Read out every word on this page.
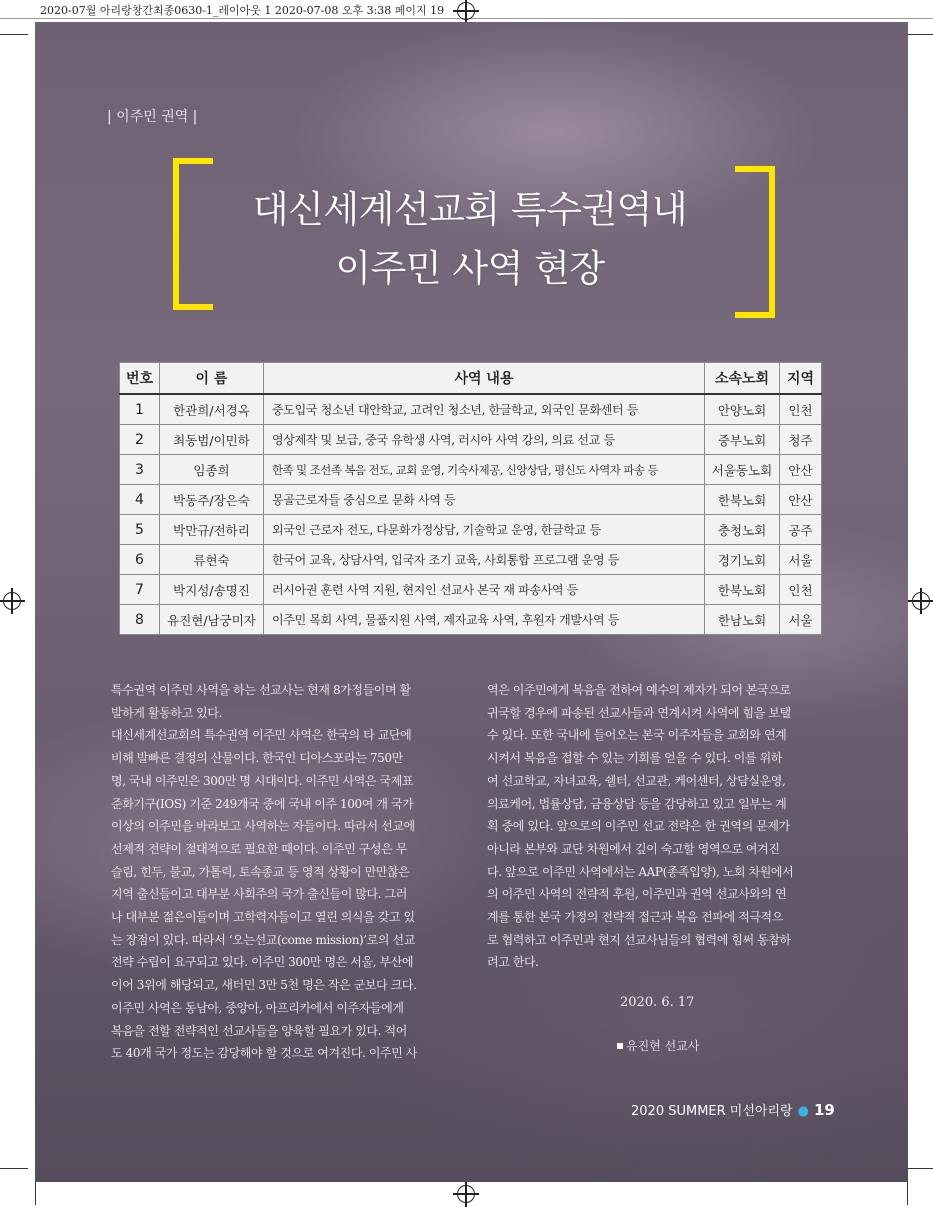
2020-07월 아리랑창간최종0630-1_레이아웃 1 2020-07-08 오후 3:38 페이지 19
| 이주민 권역 |
대신세계선교회 특수권역내
이주민 사역 현장
번호	이 름	사역 내용	소속노회	지역
1	한관희/서경옥	중도입국 청소년 대안학교, 고려인 청소년, 한글학교, 외국인 문화센터 등	안양노회	인천
2	최동범/이민하	영상제작 및 보급, 중국 유학생 사역, 러시아 사역 강의, 의료 선교 등	중부노회	청주
3	임종희	한족 및 조선족 복음 전도, 교회 운영, 기숙사제공, 신앙상담, 평신도 사역자 파송 등	서울동노회	안산
4	박동주/장은숙	몽골근로자들 중심으로 문화 사역 등	한북노회	안산
5	박만규/전하리	외국인 근로자 전도, 다문화가정상담, 기술학교 운영, 한글학교 등	충청노회	공주
6	류현숙	한국어 교육, 상담사역, 입국자 조기 교육, 사회통합 프로그램 운영 등	경기노회	서울
7	박지성/송명진	러시아권 훈련 사역 지원, 현지인 선교사 본국 재 파송사역 등	한북노회	인천
8	유진현/남궁미자	이주민 목회 사역, 물품지원 사역, 제자교육 사역, 후원자 개발사역 등	한남노회	서울

특수권역 이주민 사역을 하는 선교사는 현재 8가정들이며 활

발하게 활동하고 있다.

대신세계선교회의 특수권역 이주민 사역은 한국의 타 교단에

비해 발빠른 결정의 산물이다. 한국인 디아스포라는 750만

명, 국내 이주민은 300만 명 시대이다. 이주민 사역은 국제표

준화기구(IOS) 기준 249개국 중에 국내 이주 100여 개 국가

이상의 이주민을 바라보고 사역하는 자들이다. 따라서 선교에

선제적 전략이 절대적으로 필요한 때이다. 이주민 구성은 무

슬림, 힌두, 불교, 가톨릭, 토속종교 등 영적 상황이 만만찮은

지역 출신들이고 대부분 사회주의 국가 출신들이 많다. 그러

나 대부분 젊은이들이며 고학력자들이고 열린 의식을 갖고 있

는 장점이 있다. 따라서 ‘오는선교(come mission)’로의 선교

전략 수립이 요구되고 있다. 이주민 300만 명은 서울, 부산에

이어 3위에 해당되고, 새터민 3만 5천 명은 작은 군보다 크다.

이주민 사역은 동남아, 중앙아, 아프리카에서 이주자들에게

복음을 전할 전략적인 선교사들을 양육할 필요가 있다. 적어

도 40개 국가 정도는 감당해야 할 것으로 여겨진다. 이주민 사

역은 이주민에게 복음을 전하여 예수의 제자가 되어 본국으로

귀국할 경우에 파송된 선교사들과 연계시켜 사역에 힘을 보탤

수 있다. 또한 국내에 들어오는 본국 이주자들을 교회와 연계

시켜서 복음을 접할 수 있는 기회를 얻을 수 있다. 이를 위하

여 선교학교, 자녀교육, 쉘터, 선교관, 케어센터, 상담실운영,

의료케어, 법률상담, 금융상담 등을 감당하고 있고 일부는 계

획 중에 있다. 앞으로의 이주민 선교 전략은 한 권역의 문제가

아니라 본부와 교단 차원에서 깊이 숙고할 영역으로 여겨진

다. 앞으로 이주민 사역에서는 AAP(종족입양), 노회 차원에서

의 이주민 사역의 전략적 후원, 이주민과 권역 선교사와의 연

계를 통한 본국 가정의 전략적 접근과 복음 전파에 적극적으

로 협력하고 이주민과 현지 선교사님들의 협력에 힘써 동참하

려고 한다.

2020. 6. 17
유진현 선교사
2020 SUMMER 미선아리랑 ● 19
